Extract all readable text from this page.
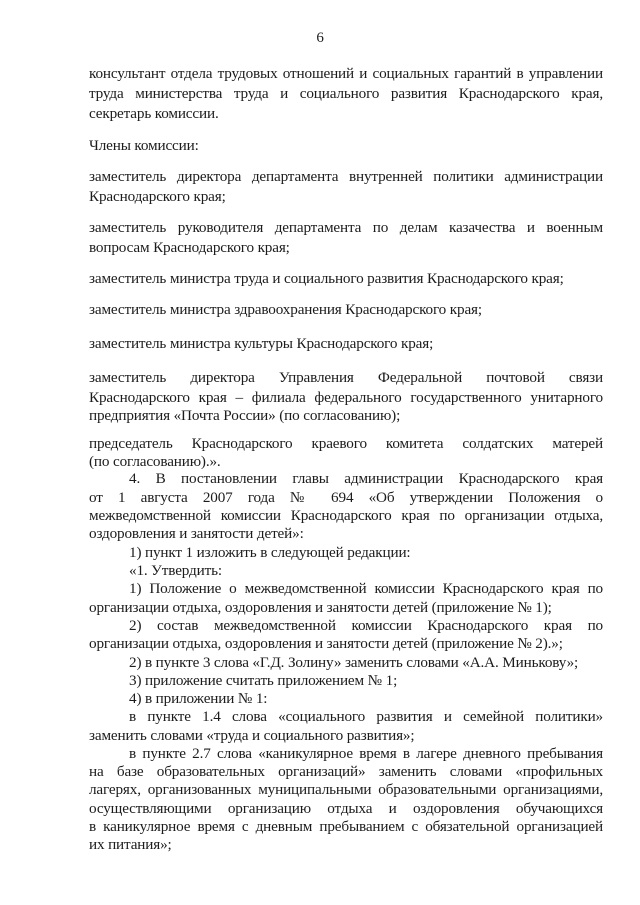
6
консультант отдела трудовых отношений и социальных гарантий в управлении
труда министерства труда и социального развития Краснодарского края,
секретарь комиссии.
Члены комиссии:
заместитель директора департамента внутренней политики администрации
Краснодарского края;
заместитель руководителя департамента по делам казачества и военным
вопросам Краснодарского края;
заместитель министра труда и социального развития Краснодарского края;
заместитель министра здравоохранения Краснодарского края;
заместитель министра культуры Краснодарского края;
заместитель директора Управления Федеральной почтовой связи
Краснодарского края – филиала федерального государственного унитарного
предприятия «Почта России» (по согласованию);
председатель Краснодарского краевого комитета солдатских матерей
(по согласованию).».
4. В постановлении главы администрации Краснодарского края
от 1 августа 2007 года № 694 «Об утверждении Положения о
межведомственной комиссии Краснодарского края по организации отдыха,
оздоровления и занятости детей»:
1) пункт 1 изложить в следующей редакции:
«1. Утвердить:
1) Положение о межведомственной комиссии Краснодарского края по
организации отдыха, оздоровления и занятости детей (приложение № 1);
2) состав межведомственной комиссии Краснодарского края по
организации отдыха, оздоровления и занятости детей (приложение № 2).»;
2) в пункте 3 слова «Г.Д. Золину» заменить словами «А.А. Минькову»;
3) приложение считать приложением № 1;
4) в приложении № 1:
в пункте 1.4 слова «социального развития и семейной политики»
заменить словами «труда и социального развития»;
в пункте 2.7 слова «каникулярное время в лагере дневного пребывания
на базе образовательных организаций» заменить словами «профильных
лагерях, организованных муниципальными образовательными организациями,
осуществляющими организацию отдыха и оздоровления обучающихся
в каникулярное время с дневным пребыванием с обязательной организацией
их питания»;
